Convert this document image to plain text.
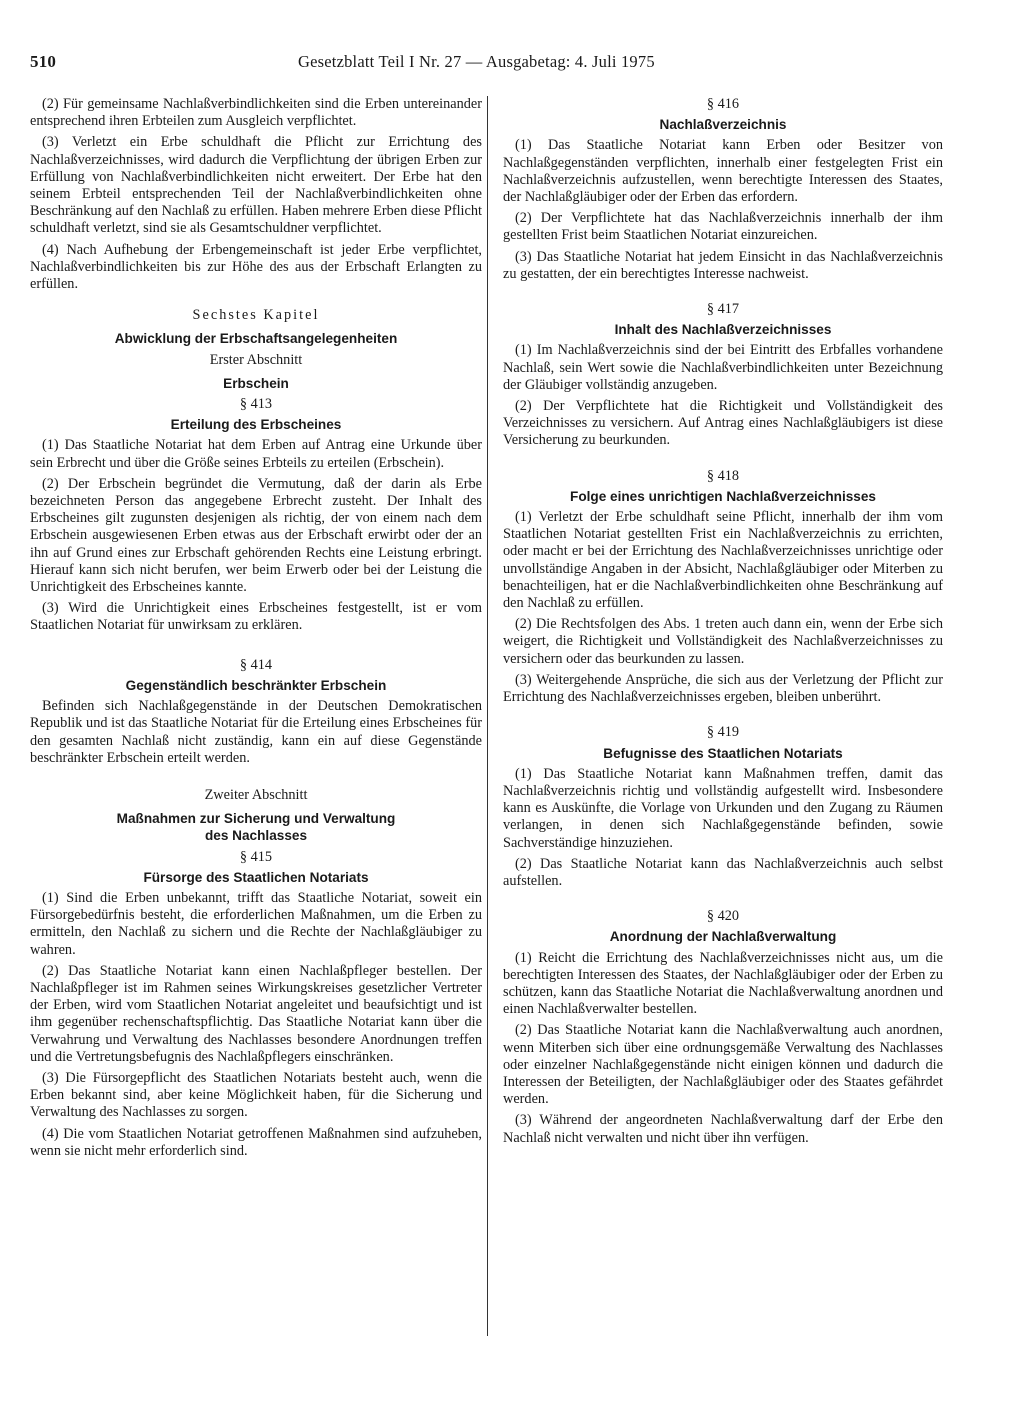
510	Gesetzblatt Teil I Nr. 27 — Ausgabetag: 4. Juli 1975

(2) Für gemeinsame Nachlaßverbindlichkeiten sind die Erben untereinander entsprechend ihren Erbteilen zum Ausgleich verpflichtet.

(3) Verletzt ein Erbe schuldhaft die Pflicht zur Errichtung des Nachlaßverzeichnisses, wird dadurch die Verpflichtung der übrigen Erben zur Erfüllung von Nachlaßverbindlichkeiten nicht erweitert. Der Erbe hat den seinem Erbteil entsprechenden Teil der Nachlaßverbindlichkeiten ohne Beschränkung auf den Nachlaß zu erfüllen. Haben mehrere Erben diese Pflicht schuldhaft verletzt, sind sie als Gesamtschuldner verpflichtet.

(4) Nach Aufhebung der Erbengemeinschaft ist jeder Erbe verpflichtet, Nachlaßverbindlichkeiten bis zur Höhe des aus der Erbschaft Erlangten zu erfüllen.

Sechstes Kapitel
Abwicklung der Erbschaftsangelegenheiten
Erster Abschnitt
Erbschein
§ 413
Erteilung des Erbscheines

(1) Das Staatliche Notariat hat dem Erben auf Antrag eine Urkunde über sein Erbrecht und über die Größe seines Erbteils zu erteilen (Erbschein).

(2) Der Erbschein begründet die Vermutung, daß der darin als Erbe bezeichneten Person das angegebene Erbrecht zusteht. Der Inhalt des Erbscheines gilt zugunsten desjenigen als richtig, der von einem nach dem Erbschein ausgewiesenen Erben etwas aus der Erbschaft erwirbt oder der an ihn auf Grund eines zur Erbschaft gehörenden Rechts eine Leistung erbringt. Hierauf kann sich nicht berufen, wer beim Erwerb oder bei der Leistung die Unrichtigkeit des Erbscheines kannte.

(3) Wird die Unrichtigkeit eines Erbscheines festgestellt, ist er vom Staatlichen Notariat für unwirksam zu erklären.

§ 414
Gegenständlich beschränkter Erbschein

Befinden sich Nachlaßgegenstände in der Deutschen Demokratischen Republik und ist das Staatliche Notariat für die Erteilung eines Erbscheines für den gesamten Nachlaß nicht zuständig, kann ein auf diese Gegenstände beschränkter Erbschein erteilt werden.

Zweiter Abschnitt
Maßnahmen zur Sicherung und Verwaltung
des Nachlasses
§ 415
Fürsorge des Staatlichen Notariats

(1) Sind die Erben unbekannt, trifft das Staatliche Notariat, soweit ein Fürsorgebedürfnis besteht, die erforderlichen Maßnahmen, um die Erben zu ermitteln, den Nachlaß zu sichern und die Rechte der Nachlaßgläubiger zu wahren.

(2) Das Staatliche Notariat kann einen Nachlaßpfleger bestellen. Der Nachlaßpfleger ist im Rahmen seines Wirkungskreises gesetzlicher Vertreter der Erben, wird vom Staatlichen Notariat angeleitet und beaufsichtigt und ist ihm gegenüber rechenschaftspflichtig. Das Staatliche Notariat kann über die Verwahrung und Verwaltung des Nachlasses besondere Anordnungen treffen und die Vertretungsbefugnis des Nachlaßpflegers einschränken.

(3) Die Fürsorgepflicht des Staatlichen Notariats besteht auch, wenn die Erben bekannt sind, aber keine Möglichkeit haben, für die Sicherung und Verwaltung des Nachlasses zu sorgen.

(4) Die vom Staatlichen Notariat getroffenen Maßnahmen sind aufzuheben, wenn sie nicht mehr erforderlich sind.

§ 416
Nachlaßverzeichnis

(1) Das Staatliche Notariat kann Erben oder Besitzer von Nachlaßgegenständen verpflichten, innerhalb einer festgelegten Frist ein Nachlaßverzeichnis aufzustellen, wenn berechtigte Interessen des Staates, der Nachlaßgläubiger oder der Erben das erfordern.

(2) Der Verpflichtete hat das Nachlaßverzeichnis innerhalb der ihm gestellten Frist beim Staatlichen Notariat einzureichen.

(3) Das Staatliche Notariat hat jedem Einsicht in das Nachlaßverzeichnis zu gestatten, der ein berechtigtes Interesse nachweist.

§ 417
Inhalt des Nachlaßverzeichnisses

(1) Im Nachlaßverzeichnis sind der bei Eintritt des Erbfalles vorhandene Nachlaß, sein Wert sowie die Nachlaßverbindlichkeiten unter Bezeichnung der Gläubiger vollständig anzugeben.

(2) Der Verpflichtete hat die Richtigkeit und Vollständigkeit des Verzeichnisses zu versichern. Auf Antrag eines Nachlaßgläubigers ist diese Versicherung zu beurkunden.

§ 418
Folge eines unrichtigen Nachlaßverzeichnisses

(1) Verletzt der Erbe schuldhaft seine Pflicht, innerhalb der ihm vom Staatlichen Notariat gestellten Frist ein Nachlaßverzeichnis zu errichten, oder macht er bei der Errichtung des Nachlaßverzeichnisses unrichtige oder unvollständige Angaben in der Absicht, Nachlaßgläubiger oder Miterben zu benachteiligen, hat er die Nachlaßverbindlichkeiten ohne Beschränkung auf den Nachlaß zu erfüllen.

(2) Die Rechtsfolgen des Abs. 1 treten auch dann ein, wenn der Erbe sich weigert, die Richtigkeit und Vollständigkeit des Nachlaßverzeichnisses zu versichern oder das beurkunden zu lassen.

(3) Weitergehende Ansprüche, die sich aus der Verletzung der Pflicht zur Errichtung des Nachlaßverzeichnisses ergeben, bleiben unberührt.

§ 419
Befugnisse des Staatlichen Notariats

(1) Das Staatliche Notariat kann Maßnahmen treffen, damit das Nachlaßverzeichnis richtig und vollständig aufgestellt wird. Insbesondere kann es Auskünfte, die Vorlage von Urkunden und den Zugang zu Räumen verlangen, in denen sich Nachlaßgegenstände befinden, sowie Sachverständige hinzuziehen.

(2) Das Staatliche Notariat kann das Nachlaßverzeichnis auch selbst aufstellen.

§ 420
Anordnung der Nachlaßverwaltung

(1) Reicht die Errichtung des Nachlaßverzeichnisses nicht aus, um die berechtigten Interessen des Staates, der Nachlaßgläubiger oder der Erben zu schützen, kann das Staatliche Notariat die Nachlaßverwaltung anordnen und einen Nachlaßverwalter bestellen.

(2) Das Staatliche Notariat kann die Nachlaßverwaltung auch anordnen, wenn Miterben sich über eine ordnungsgemäße Verwaltung des Nachlasses oder einzelner Nachlaßgegenstände nicht einigen können und dadurch die Interessen der Beteiligten, der Nachlaßgläubiger oder des Staates gefährdet werden.

(3) Während der angeordneten Nachlaßverwaltung darf der Erbe den Nachlaß nicht verwalten und nicht über ihn verfügen.
